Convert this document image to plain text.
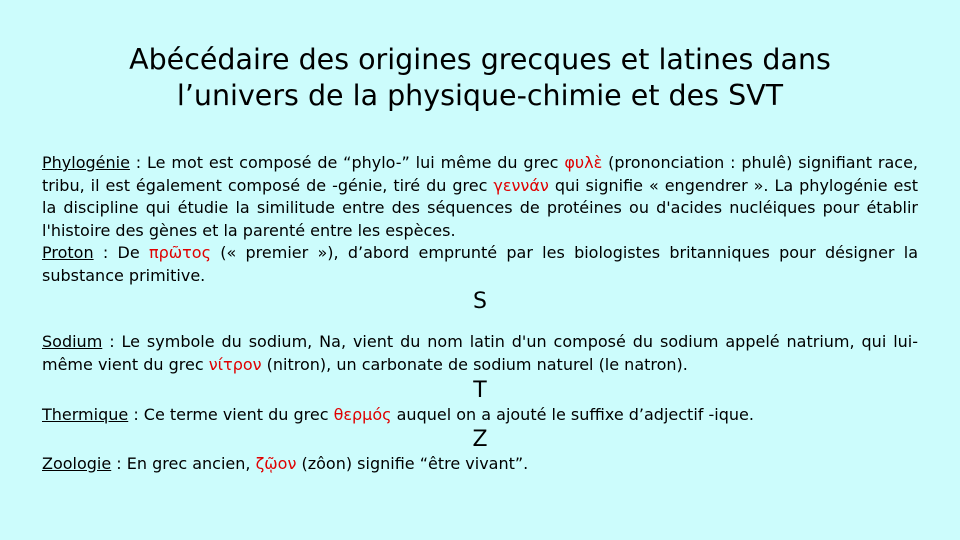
Abécédaire des origines grecques et latines dans
l’univers de la physique-chimie et des SVT

Phylogénie : Le mot est composé de “phylo-” lui même du grec φυλὲ (prononciation : phulê) signifiant race, tribu, il est également composé de -génie, tiré du grec γεννάν qui signifie « engendrer ». La phylogénie est la discipline qui étudie la similitude entre des séquences de protéines ou d'acides nucléiques pour établir l'histoire des gènes et la parenté entre les espèces.

Proton : De πρῶτος (« premier »), d’abord emprunté par les biologistes britanniques pour désigner la substance primitive.

S

Sodium : Le symbole du sodium, Na, vient du nom latin d'un composé du sodium appelé natrium, qui lui-même vient du grec νίτρον (nitron), un carbonate de sodium naturel (le natron).

T

Thermique : Ce terme vient du grec θερμός auquel on a ajouté le suffixe d’adjectif -ique.

Z

Zoologie : En grec ancien, ζῷον (zôon) signifie “être vivant”.
